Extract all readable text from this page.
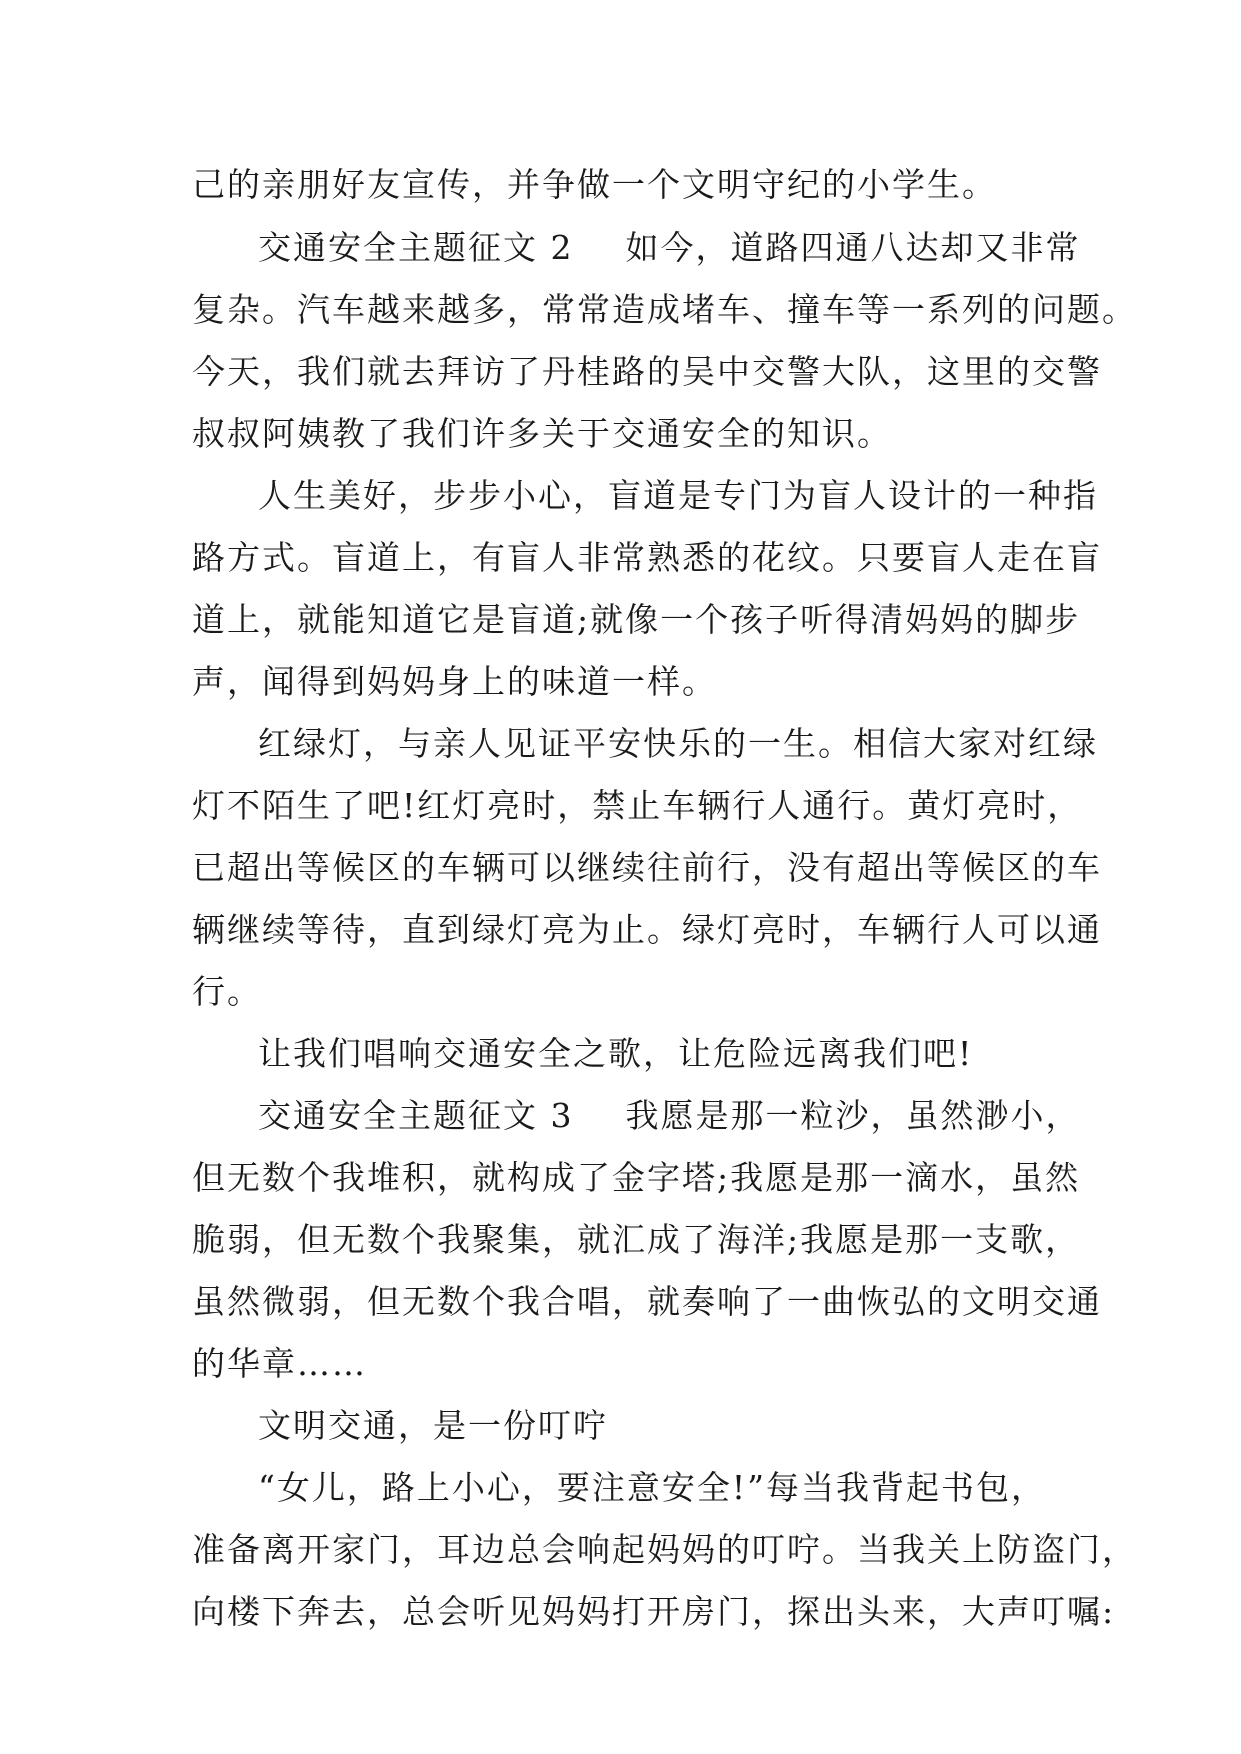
己的亲朋好友宣传，并争做一个文明守纪的小学生。
交通安全主题征文 2 如今，道路四通八达却又非常
复杂。汽车越来越多，常常造成堵车、撞车等一系列的问题。
今天，我们就去拜访了丹桂路的吴中交警大队，这里的交警
叔叔阿姨教了我们许多关于交通安全的知识。
人生美好，步步小心，盲道是专门为盲人设计的一种指
路方式。盲道上，有盲人非常熟悉的花纹。只要盲人走在盲
道上，就能知道它是盲道;就像一个孩子听得清妈妈的脚步
声，闻得到妈妈身上的味道一样。
红绿灯，与亲人见证平安快乐的一生。相信大家对红绿
灯不陌生了吧!红灯亮时，禁止车辆行人通行。黄灯亮时，
已超出等候区的车辆可以继续往前行，没有超出等候区的车
辆继续等待，直到绿灯亮为止。绿灯亮时，车辆行人可以通
行。
让我们唱响交通安全之歌，让危险远离我们吧!
交通安全主题征文 3 我愿是那一粒沙，虽然渺小，
但无数个我堆积，就构成了金字塔;我愿是那一滴水，虽然
脆弱，但无数个我聚集，就汇成了海洋;我愿是那一支歌，
虽然微弱，但无数个我合唱，就奏响了一曲恢弘的文明交通
的华章……
文明交通，是一份叮咛
“女儿，路上小心，要注意安全!”每当我背起书包，
准备离开家门，耳边总会响起妈妈的叮咛。当我关上防盗门，
向楼下奔去，总会听见妈妈打开房门，探出头来，大声叮嘱:
